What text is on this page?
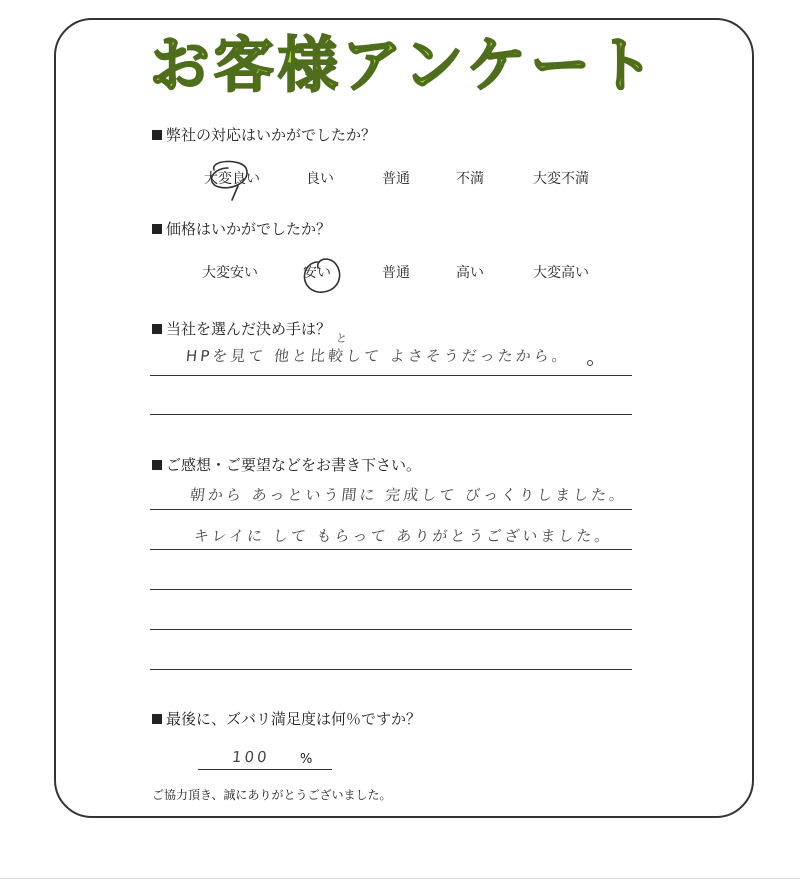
お客様アンケート
弊社の対応はいかがでしたか？
大変良い	良い	普通	不満	大変不満
価格はいかがでしたか？
大変安い	安い	普通	高い	大変高い
当社を選んだ決め手は？
HPを見て 他と比較して よさそうだったから。
と
ご感想・ご要望などをお書き下さい。
朝から あっという間に 完成して びっくりしました。
キレイに して もらって ありがとうございました。
最後に、ズバリ満足度は何％ですか？
100 %
ご協力頂き、誠にありがとうございました。
